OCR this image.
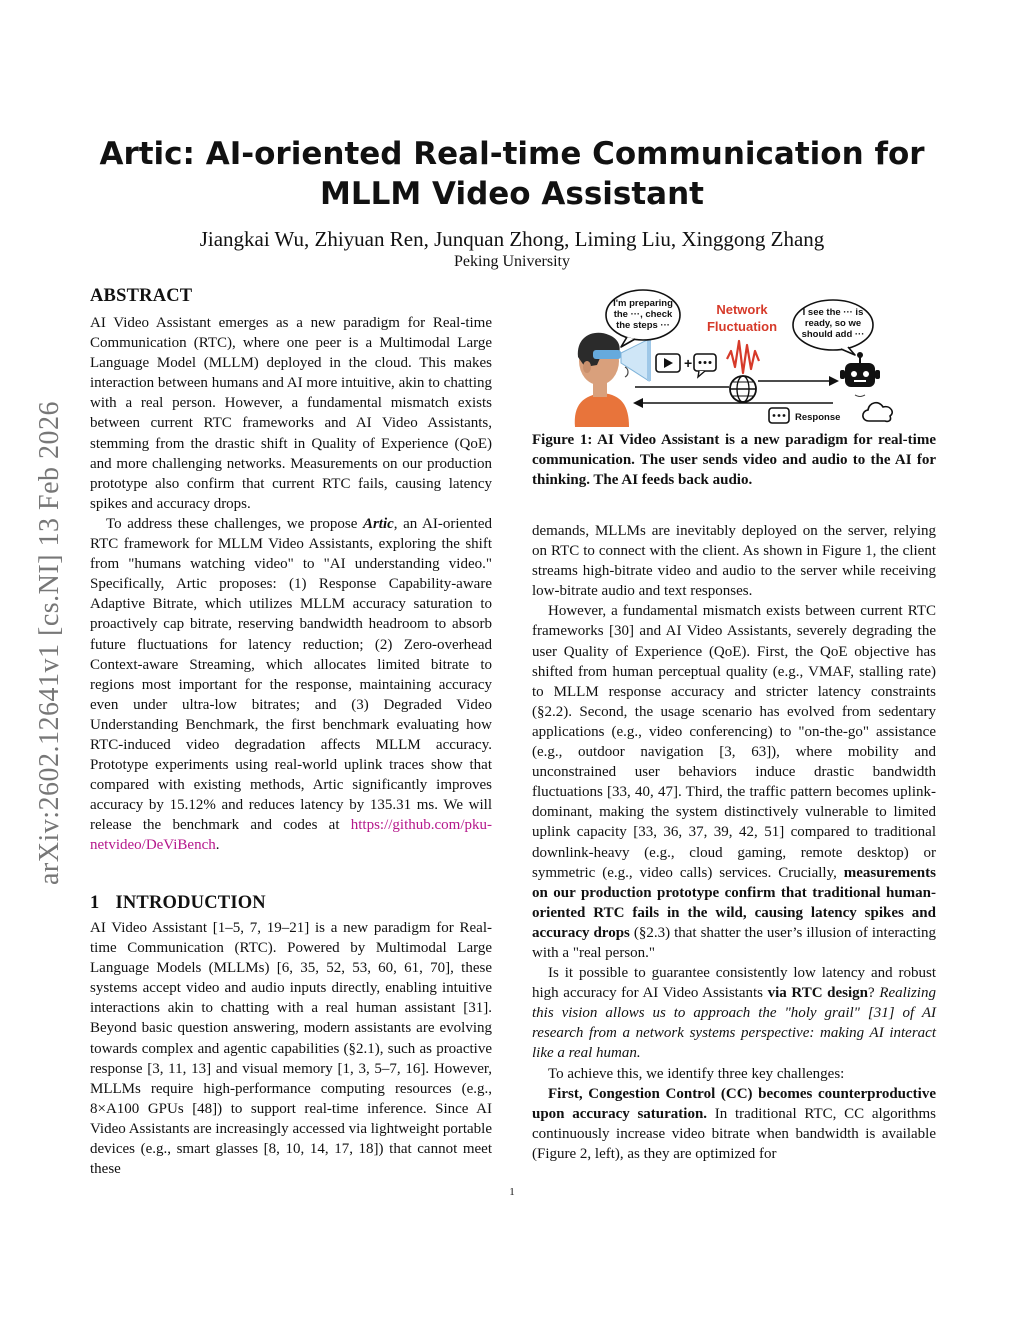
arXiv:2602.12641v1 [cs.NI] 13 Feb 2026
Artic: AI-oriented Real-time Communication for MLLM Video Assistant
Jiangkai Wu, Zhiyuan Ren, Junquan Zhong, Liming Liu, Xinggong Zhang
Peking University
ABSTRACT

AI Video Assistant emerges as a new paradigm for Real-time Communication (RTC), where one peer is a Multimodal Large Language Model (MLLM) deployed in the cloud. This makes interaction between humans and AI more intuitive, akin to chatting with a real person. However, a fundamental mismatch exists between current RTC frameworks and AI Video Assistants, stemming from the drastic shift in Quality of Experience (QoE) and more challenging networks. Measurements on our production prototype also confirm that current RTC fails, causing latency spikes and accuracy drops.

To address these challenges, we propose Artic, an AI-oriented RTC framework for MLLM Video Assistants, exploring the shift from "humans watching video" to "AI understanding video." Specifically, Artic proposes: (1) Response Capability-aware Adaptive Bitrate, which utilizes MLLM accuracy saturation to proactively cap bitrate, reserving bandwidth headroom to absorb future fluctuations for latency reduction; (2) Zero-overhead Context-aware Streaming, which allocates limited bitrate to regions most important for the response, maintaining accuracy even under ultra-low bitrates; and (3) Degraded Video Understanding Benchmark, the first benchmark evaluating how RTC-induced video degradation affects MLLM accuracy. Prototype experiments using real-world uplink traces show that compared with existing methods, Artic significantly improves accuracy by 15.12% and reduces latency by 135.31 ms. We will release the benchmark and codes at https://github.com/pku-netvideo/DeViBench.

1 INTRODUCTION

AI Video Assistant [1–5, 7, 19–21] is a new paradigm for Real-time Communication (RTC). Powered by Multimodal Large Language Models (MLLMs) [6, 35, 52, 53, 60, 61, 70], these systems accept video and audio inputs directly, enabling intuitive interactions akin to chatting with a real human assistant [31]. Beyond basic question answering, modern assistants are evolving towards complex and agentic capabilities (§2.1), such as proactive response [3, 11, 13] and visual memory [1, 3, 5–7, 16]. However, MLLMs require high-performance computing resources (e.g., 8×A100 GPUs [48]) to support real-time inference. Since AI Video Assistants are increasingly accessed via lightweight portable devices (e.g., smart glasses [8, 10, 14, 17, 18]) that cannot meet these

+
I'm preparing
the ···, check
the steps ···
Network
Fluctuation
I see the ··· is
ready, so we
should add ···
Response
Figure 1: AI Video Assistant is a new paradigm for real-time communication. The user sends video and audio to the AI for thinking. The AI feeds back audio.

demands, MLLMs are inevitably deployed on the server, relying on RTC to connect with the client. As shown in Figure 1, the client streams high-bitrate video and audio to the server while receiving low-bitrate audio and text responses.

However, a fundamental mismatch exists between current RTC frameworks [30] and AI Video Assistants, severely degrading the user Quality of Experience (QoE). First, the QoE objective has shifted from human perceptual quality (e.g., VMAF, stalling rate) to MLLM response accuracy and stricter latency constraints (§2.2). Second, the usage scenario has evolved from sedentary applications (e.g., video conferencing) to "on-the-go" assistance (e.g., outdoor navigation [3, 63]), where mobility and unconstrained user behaviors induce drastic bandwidth fluctuations [33, 40, 47]. Third, the traffic pattern becomes uplink-dominant, making the system distinctively vulnerable to limited uplink capacity [33, 36, 37, 39, 42, 51] compared to traditional downlink-heavy (e.g., cloud gaming, remote desktop) or symmetric (e.g., video calls) services. Crucially, measurements on our production prototype confirm that traditional human-oriented RTC fails in the wild, causing latency spikes and accuracy drops (§2.3) that shatter the user’s illusion of interacting with a "real person."

Is it possible to guarantee consistently low latency and robust high accuracy for AI Video Assistants via RTC design? Realizing this vision allows us to approach the "holy grail" [31] of AI research from a network systems perspective: making AI interact like a real human.

To achieve this, we identify three key challenges:

First, Congestion Control (CC) becomes counterproductive upon accuracy saturation. In traditional RTC, CC algorithms continuously increase video bitrate when bandwidth is available (Figure 2, left), as they are optimized for

1
